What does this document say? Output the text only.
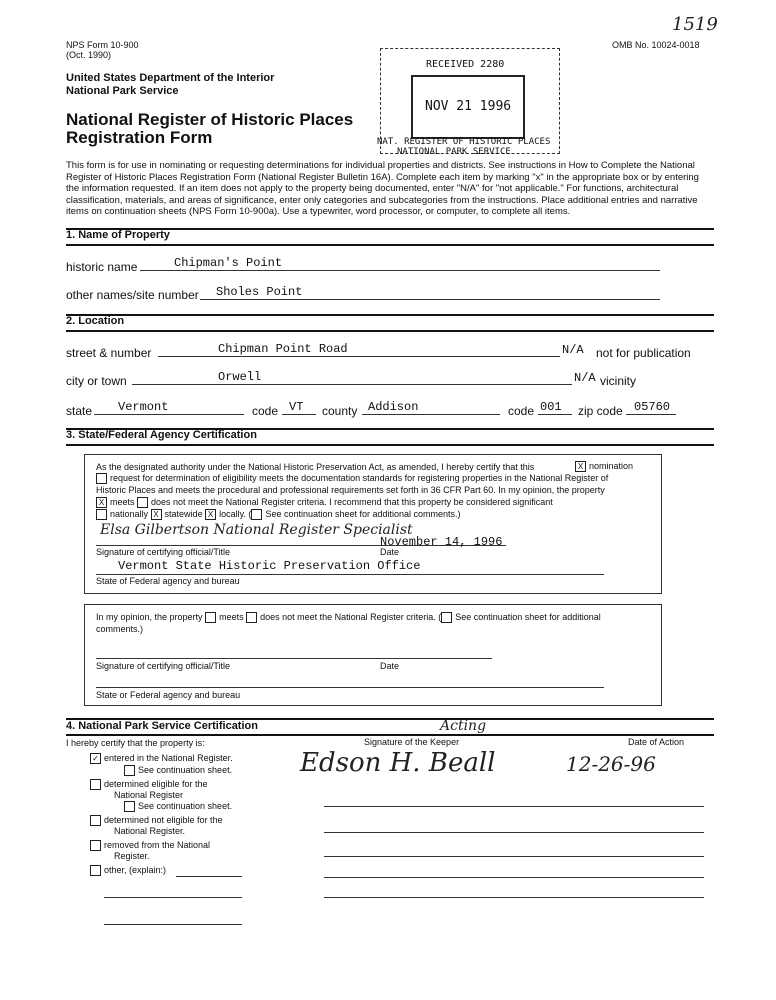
NPS Form 10-900
(Oct. 1990)
OMB No. 10024-0018
1519
United States Department of the Interior
National Park Service
National Register of Historic Places
Registration Form
RECEIVED 2280
NOV 21 1996
NAT. REGISTER OF HISTORIC PLACES
NATIONAL PARK SERVICE
This form is for use in nominating or requesting determinations for individual properties and districts. See instructions in How to Complete the National Register of Historic Places Registration Form (National Register Bulletin 16A). Complete each item by marking "x" in the appropriate box or by entering the information requested. If an item does not apply to the property being documented, enter "N/A" for "not applicable." For functions, architectural classification, materials, and areas of significance, enter only categories and subcategories from the instructions. Place additional entries and narrative items on continuation sheets (NPS Form 10-900a). Use a typewriter, word processor, or computer, to complete all items.
1. Name of Property
historic name	Chipman's Point
other names/site number Sholes Point
2. Location
street & number	Chipman Point Road	N/A not for publication
city or town	Orwell	N/A vicinity
state Vermont	code VT county Addison	code 001 zip code 05760
3. State/Federal Agency Certification
As the designated authority under the National Historic Preservation Act, as amended, I hereby certify that this	X nomination
request for determination of eligibility meets the documentation standards for registering properties in the National Register of
Historic Places and meets the procedural and professional requirements set forth in 36 CFR Part 60. In my opinion, the property
X meets does not meet the National Register criteria. I recommend that this property be considered significant
nationally X statewide X locally. ( See continuation sheet for additional comments.)
Elsa Gilbertson National Register Specialist
Signature of certifying official/Title	Date
November 14, 1996
Vermont State Historic Preservation Office
State of Federal agency and bureau
In my opinion, the property meets does not meet the National Register criteria. ( See continuation sheet for additional
comments.)
Signature of certifying official/Title	Date
State or Federal agency and bureau
4. National Park Service Certification
I hereby certify that the property is:	Signature of the Keeper
Acting
Date of Action
Edson H. Beall	12-26-96
✓ entered in the National Register.
See continuation sheet.
determined eligible for the
National Register
See continuation sheet.
determined not eligible for the
National Register.
removed from the National
Register.
other, (explain:)
